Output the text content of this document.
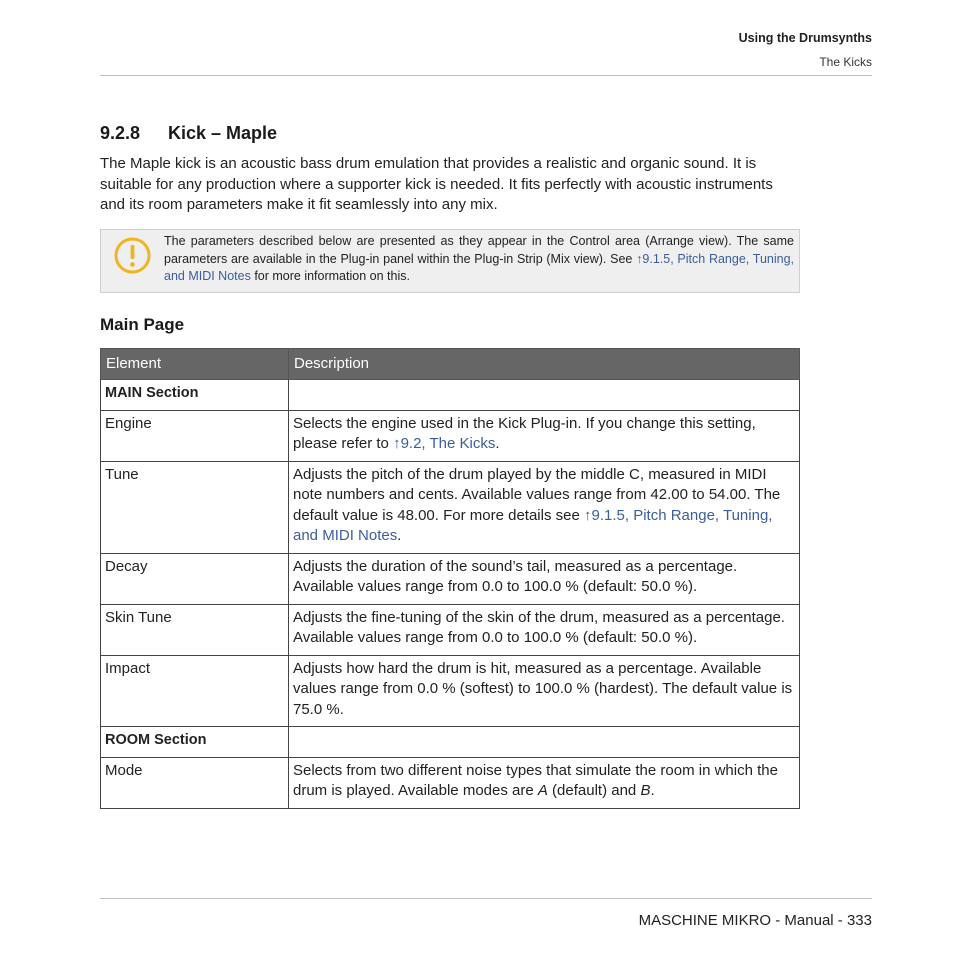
Using the Drumsynths
The Kicks
9.2.8 Kick – Maple

The Maple kick is an acoustic bass drum emulation that provides a realistic and organic sound. It is suitable for any production where a supporter kick is needed. It fits perfectly with acoustic instruments and its room parameters make it fit seamlessly into any mix.

The parameters described below are presented as they appear in the Control area (Arrange view). The same parameters are available in the Plug-in panel within the Plug-in Strip (Mix view). See ↑9.1.5, Pitch Range, Tuning, and MIDI Notes for more information on this.
Main Page
Element	Description
MAIN Section	
Engine	Selects the engine used in the Kick Plug-in. If you change this setting, please refer to ↑9.2, The Kicks.
Tune	Adjusts the pitch of the drum played by the middle C, measured in MIDI note numbers and cents. Available values range from 42.00 to 54.00. The default value is 48.00. For more details see ↑9.1.5, Pitch Range, Tuning, and MIDI Notes.
Decay	Adjusts the duration of the sound’s tail, measured as a percentage. Available values range from 0.0 to 100.0 % (default: 50.0 %).
Skin Tune	Adjusts the fine-tuning of the skin of the drum, measured as a percentage. Available values range from 0.0 to 100.0 % (default: 50.0 %).
Impact	Adjusts how hard the drum is hit, measured as a percentage. Available values range from 0.0 % (softest) to 100.0 % (hardest). The default value is 75.0 %.
ROOM Section	
Mode	Selects from two different noise types that simulate the room in which the drum is played. Available modes are A (default) and B.
MASCHINE MIKRO - Manual - 333
